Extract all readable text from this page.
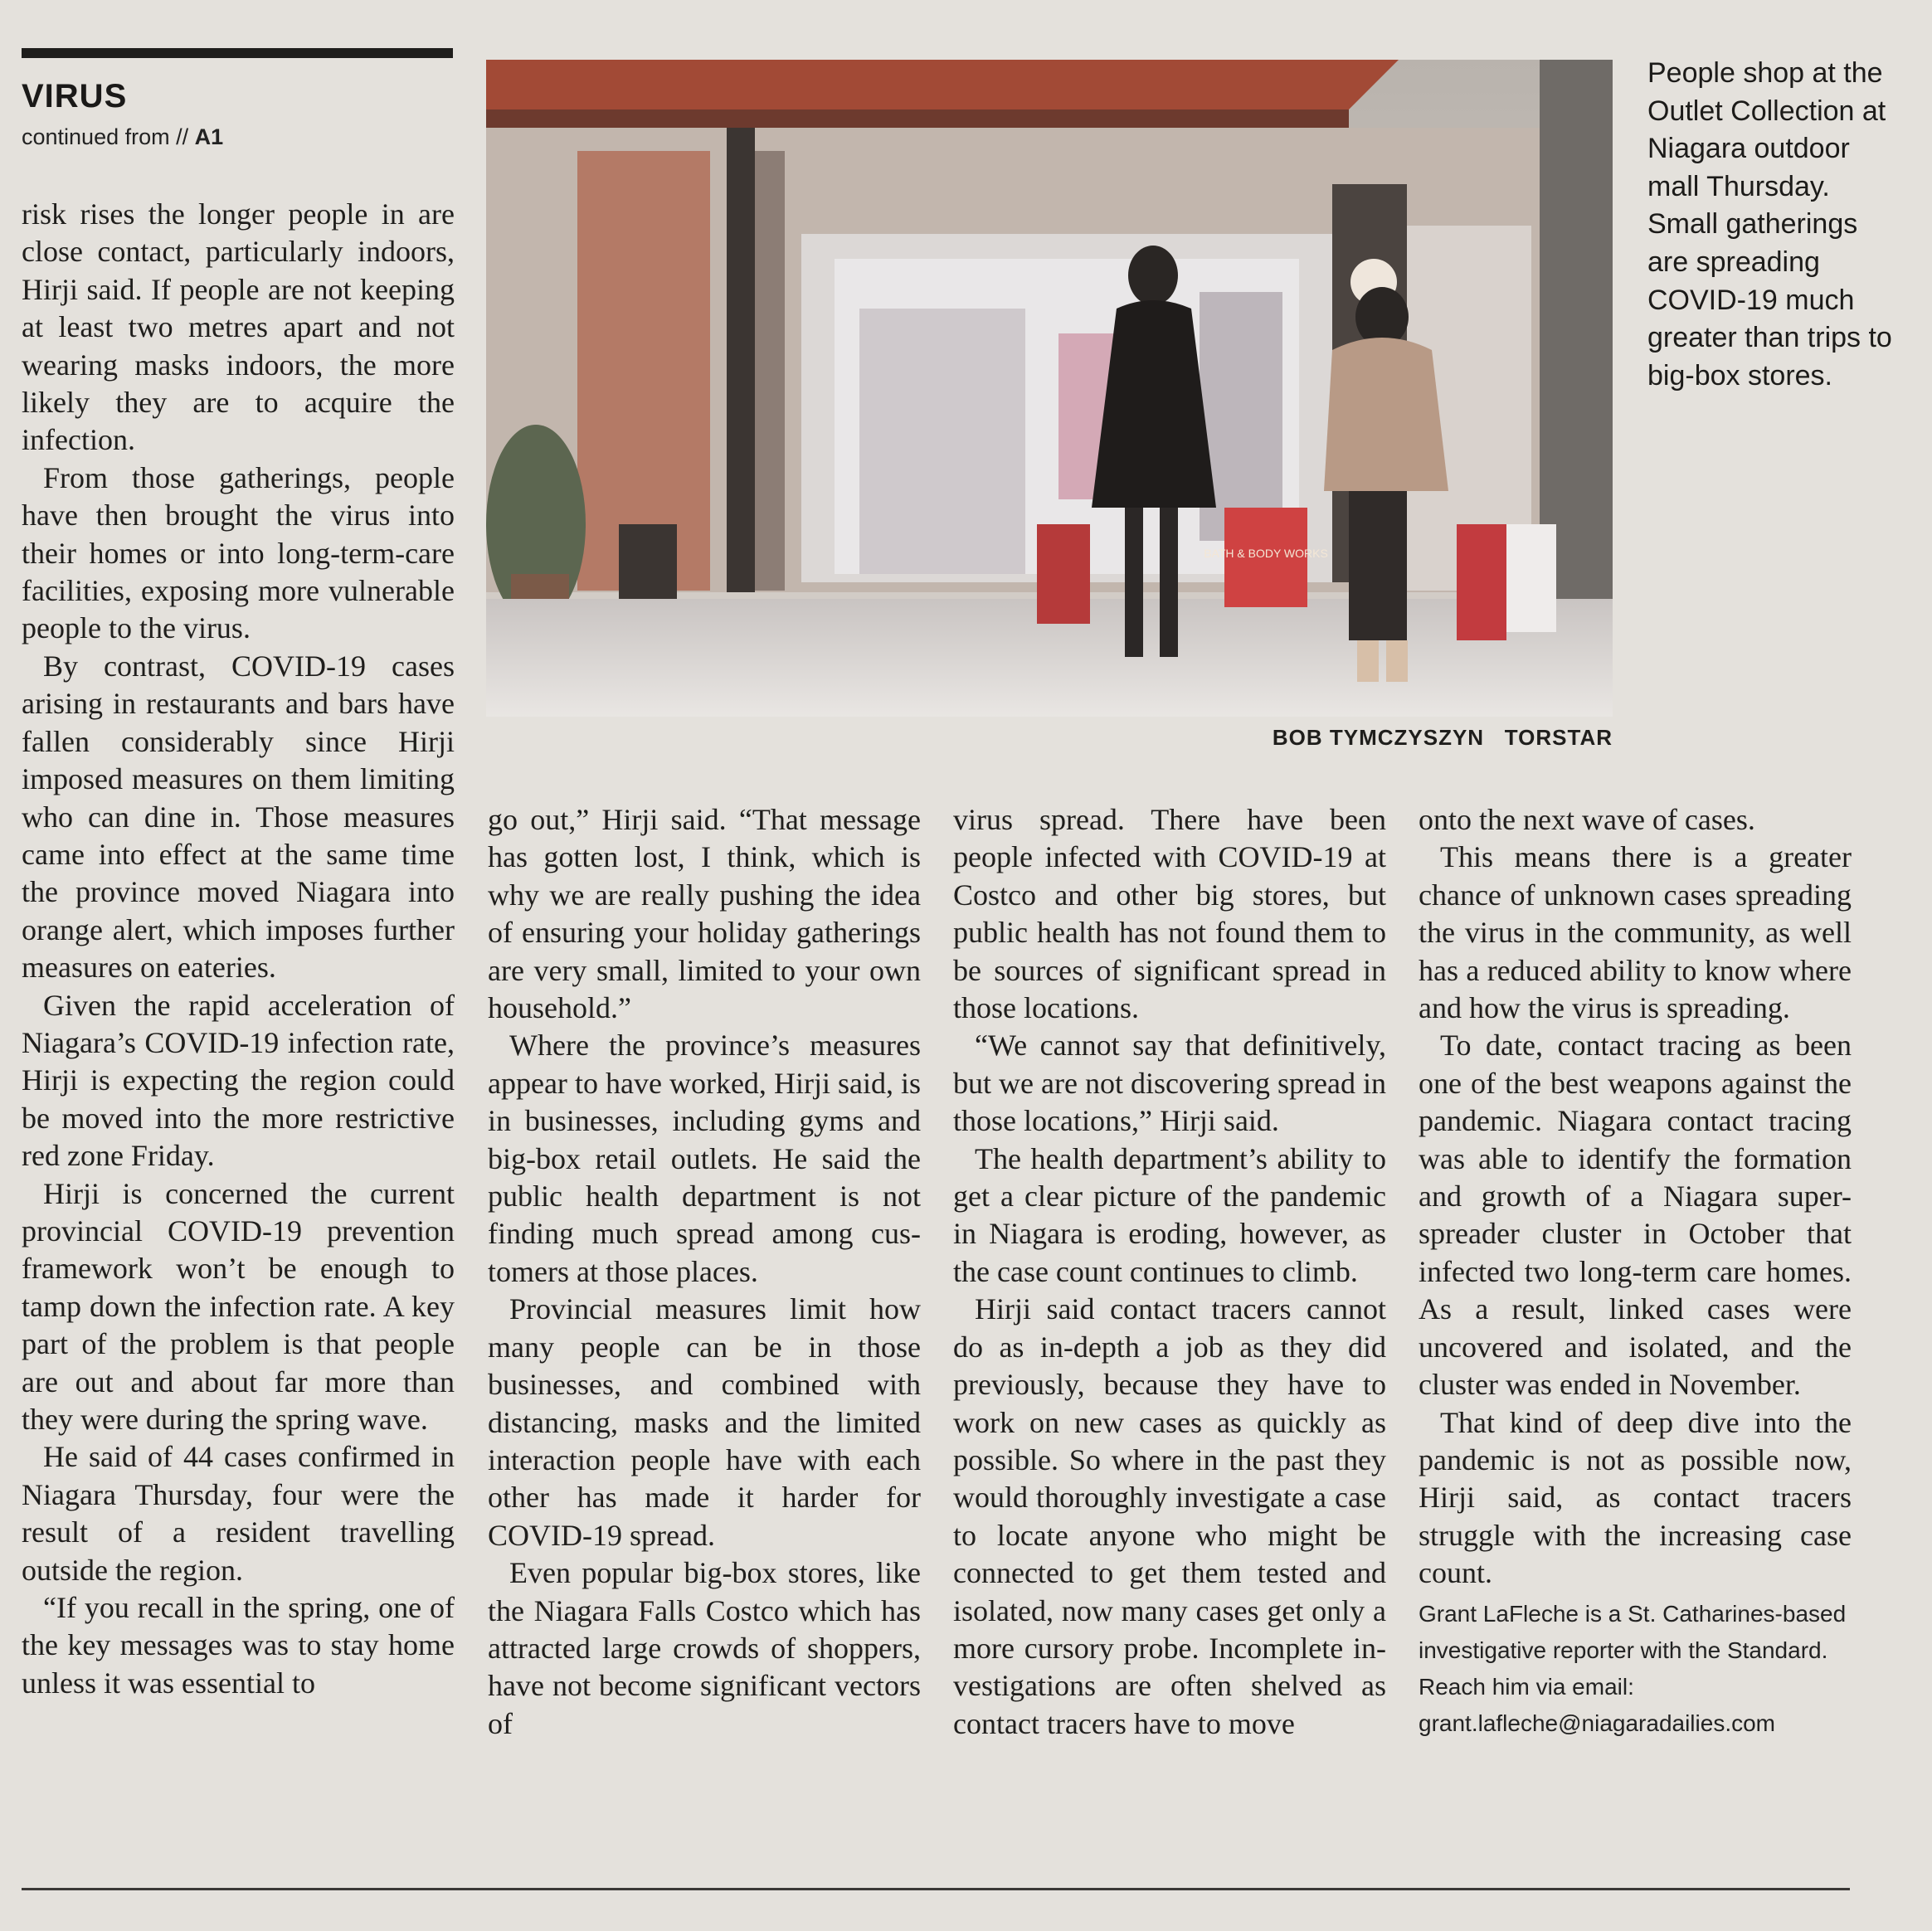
VIRUS
continued from // A1
BATH & BODY WORKS
BOB TYMCZYSZYN   TORSTAR
People shop at the Outlet Collection at Niagara outdoor mall Thursday. Small gatherings are spreading COVID-19 much greater than trips to big-box stores.

risk rises the longer people in are close contact, particularly indoors, Hirji said. If people are not keeping at least two metres apart and not wearing masks indoors, the more likely they are to acquire the infection.

From those gatherings, people have then brought the virus into their homes or into long-term-care facilities, exposing more vulnerable people to the virus.

By contrast, COVID-19 cases arising in restaurants and bars have fallen considerably since Hirji imposed measures on them limiting who can dine in. Those measures came into effect at the same time the province moved Niagara into orange alert, which imposes further measures on eateries.

Given the rapid acceleration of Niagara’s COVID-19 infection rate, Hirji is expecting the region could be moved into the more restrictive red zone Friday.

Hirji is concerned the current provincial COVID-19 prevention framework won’t be enough to tamp down the infection rate. A key part of the problem is that people are out and about far more than they were during the spring wave.

He said of 44 cases confirmed in Niagara Thursday, four were the result of a resident travelling outside the region.

“If you recall in the spring, one of the key messages was to stay home unless it was essential to

go out,” Hirji said. “That message has gotten lost, I think, which is why we are really pushing the idea of ensuring your holiday gatherings are very small, limited to your own household.”

Where the province’s measures appear to have worked, Hirji said, is in businesses, including gyms and big-box retail outlets. He said the public health department is not finding much spread among customers at those places.

Provincial measures limit how many people can be in those businesses, and combined with distancing, masks and the limited interaction people have with each other has made it harder for COVID-19 spread.

Even popular big-box stores, like the Niagara Falls Costco which has attracted large crowds of shoppers, have not become significant vectors of

virus spread. There have been people infected with COVID-19 at Costco and other big stores, but public health has not found them to be sources of significant spread in those locations.

“We cannot say that definitively, but we are not discovering spread in those locations,” Hirji said.

The health department’s ability to get a clear picture of the pandemic in Niagara is eroding, however, as the case count continues to climb.

Hirji said contact tracers cannot do as in-depth a job as they did previously, because they have to work on new cases as quickly as possible. So where in the past they would thoroughly investigate a case to locate anyone who might be connected to get them tested and isolated, now many cases get only a more cursory probe. Incomplete investigations are often shelved as contact tracers have to move

onto the next wave of cases.

This means there is a greater chance of unknown cases spreading the virus in the community, as well has a reduced ability to know where and how the virus is spreading.

To date, contact tracing as been one of the best weapons against the pandemic. Niagara contact tracing was able to identify the formation and growth of a Niagara super-spreader cluster in October that infected two long-term care homes. As a result, linked cases were uncovered and isolated, and the cluster was ended in November.

That kind of deep dive into the pandemic is not as possible now, Hirji said, as contact tracers struggle with the increasing case count.

Grant LaFleche is a St. Catharines-based investigative reporter with the Standard. Reach him via email: grant.lafleche@niagaradailies.com
